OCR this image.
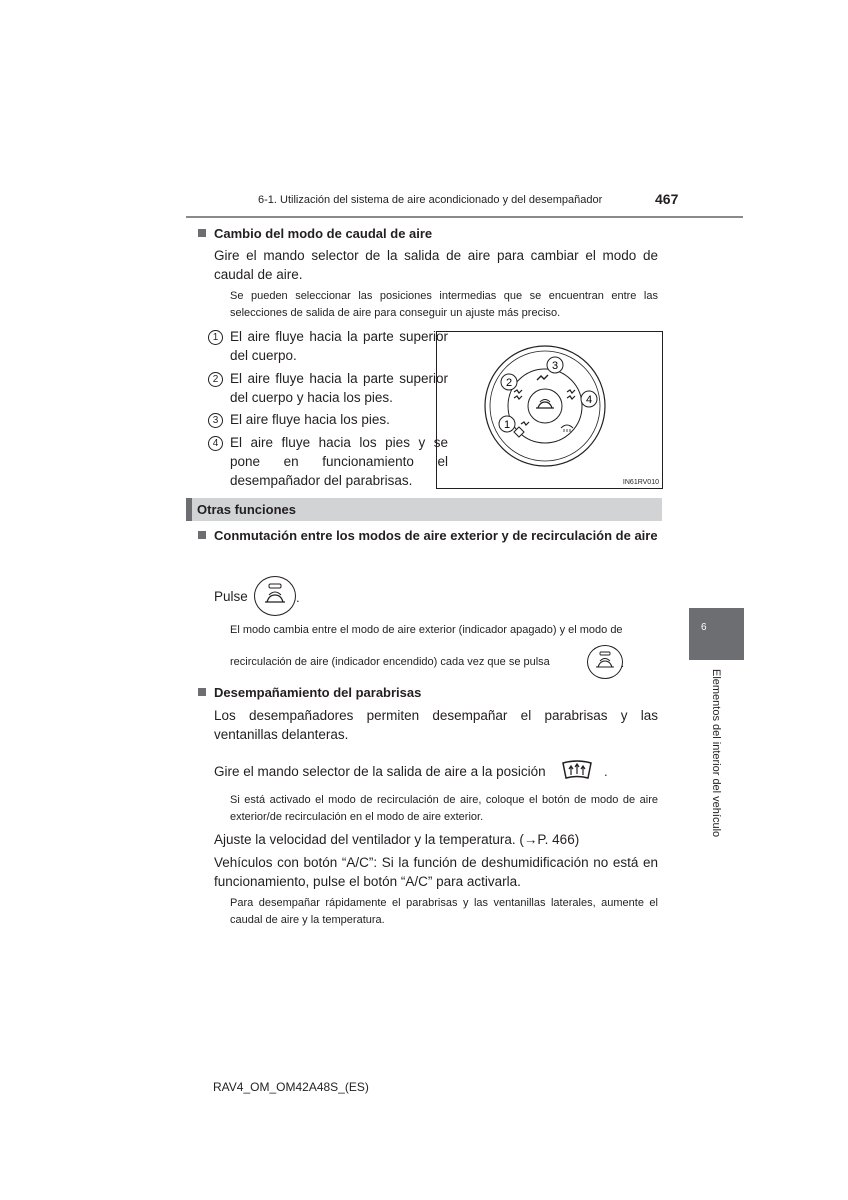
6-1. Utilización del sistema de aire acondicionado y del desempañador	467
Cambio del modo de caudal de aire
Gire el mando selector de la salida de aire para cambiar el modo de caudal de aire.
Se pueden seleccionar las posiciones intermedias que se encuentran entre las selecciones de salida de aire para conseguir un ajuste más preciso.
1 El aire fluye hacia la parte superior del cuerpo.
2 El aire fluye hacia la parte superior del cuerpo y hacia los pies.
3 El aire fluye hacia los pies.
4 El aire fluye hacia los pies y se pone en funcionamiento el desempañador del parabrisas.
3
2
4
1
IN61RV010
Otras funciones
Conmutación entre los modos de aire exterior y de recirculación de aire
Pulse	.
El modo cambia entre el modo de aire exterior (indicador apagado) y el modo de
recirculación de aire (indicador encendido) cada vez que se pulsa	.
Desempañamiento del parabrisas
Los desempañadores permiten desempañar el parabrisas y las ventanillas delanteras.
Gire el mando selector de la salida de aire a la posición	.
Si está activado el modo de recirculación de aire, coloque el botón de modo de aire exterior/de recirculación en el modo de aire exterior.
Ajuste la velocidad del ventilador y la temperatura. (→P. 466)
Vehículos con botón “A/C”: Si la función de deshumidificación no está en funcionamiento, pulse el botón “A/C” para activarla.
Para desempañar rápidamente el parabrisas y las ventanillas laterales, aumente el caudal de aire y la temperatura.
6
Elementos del interior del vehículo
RAV4_OM_OM42A48S_(ES)
